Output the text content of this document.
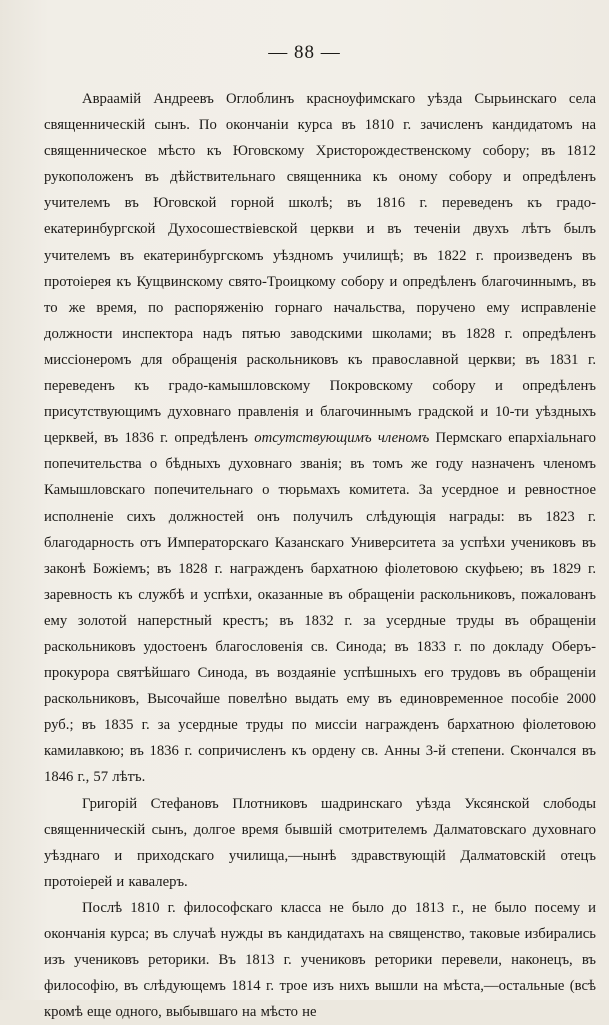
— 88 —

Авраамій Андреевъ Оглоблинъ красноуфимскаго уѣзда Сырьинскаго села священническій сынъ. По окончаніи курса въ 1810 г. зачисленъ кандидатомъ на священническое мѣсто къ Юговскому Христорождественскому собору; въ 1812 рукоположенъ въ дѣйствительнаго священника къ оному собору и опредѣленъ учителемъ въ Юговской горной школѣ; въ 1816 г. переведенъ къ градо-екатеринбургской Духосошествіевской церкви и въ теченіи двухъ лѣтъ былъ учителемъ въ екатеринбургскомъ уѣздномъ училищѣ; въ 1822 г. произведенъ въ протоіерея къ Кущвинскому свято-Троицкому собору и опредѣленъ благочиннымъ, въ то же время, по распоряженію горнаго начальства, поручено ему исправленіе должности инспектора надъ пятью заводскими школами; въ 1828 г. опредѣленъ миссіонеромъ для обращенія раскольниковъ къ православной церкви; въ 1831 г. переведенъ къ градо-камышловскому Покровскому собору и опредѣленъ присутствующимъ духовнаго правленія и благочиннымъ градской и 10-ти уѣздныхъ церквей, въ 1836 г. опредѣленъ отсутствующимъ членомъ Пермскаго епархіальнаго попечительства о бѣдныхъ духовнаго званія; въ томъ же году назначенъ членомъ Камышловскаго попечительнаго о тюрьмахъ комитета. За усердное и ревностное исполненіе сихъ должностей онъ получилъ слѣдующія награды: въ 1823 г. благодарность отъ Императорскаго Казанскаго Университета за успѣхи учениковъ въ законѣ Божіемъ; въ 1828 г. награжденъ бархатною фіолетовою скуфьею; въ 1829 г. заревность къ службѣ и успѣхи, оказанные въ обращеніи раскольниковъ, пожалованъ ему золотой наперстный крестъ; въ 1832 г. за усердные труды въ обращеніи раскольниковъ удостоенъ благословенія св. Синода; въ 1833 г. по докладу Оберъ-прокурора святѣйшаго Синода, въ воздаяніе успѣшныхъ его трудовъ въ обращеніи раскольниковъ, Высочайше повелѣно выдать ему въ единовременное пособіе 2000 руб.; въ 1835 г. за усердные труды по миссіи награжденъ бархатною фіолетовою камилавкою; въ 1836 г. сопричисленъ къ ордену св. Анны 3-й степени. Скончался въ 1846 г., 57 лѣтъ.

Григорій Стефановъ Плотниковъ шадринскаго уѣзда Уксянской слободы священническій сынъ, долгое время бывшій смотрителемъ Далматовскаго духовнаго уѣзднаго и приходскаго училища,—нынѣ здравствующій Далматовскій отецъ протоіерей и кавалеръ.

Послѣ 1810 г. философскаго класса не было до 1813 г., не было посему и окончанія курса; въ случаѣ нужды въ кандидатахъ на священство, таковые избирались изъ учениковъ реторики. Въ 1813 г. учениковъ реторики перевели, наконецъ, въ философію, въ слѣдующемъ 1814 г. трое изъ нихъ вышли на мѣста,—остальные (всѣ кромѣ еще одного, выбывшаго на мѣсто не
